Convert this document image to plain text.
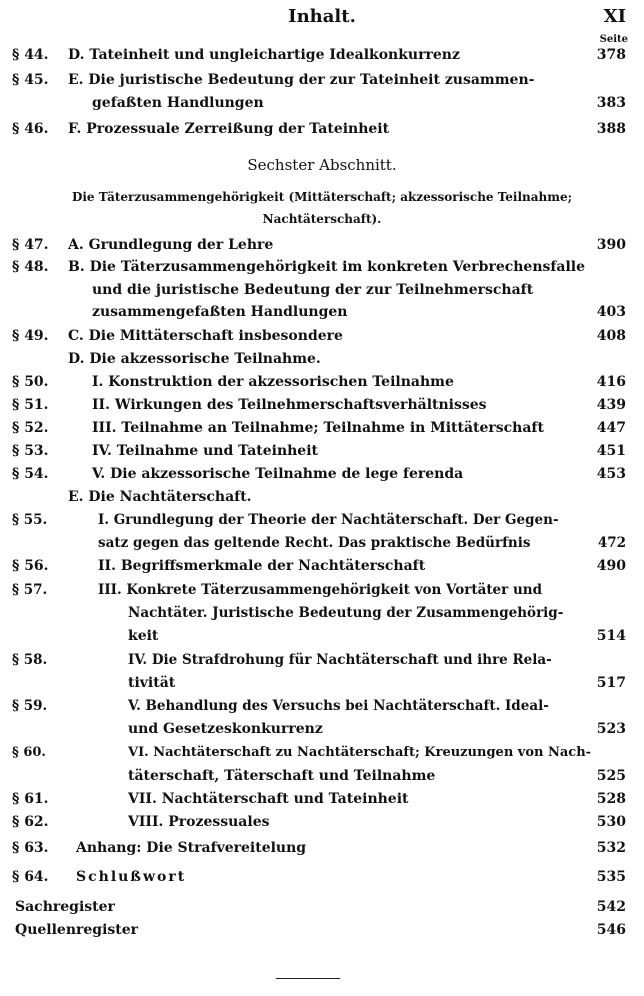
Inhalt.	XI
Seite
Sechster Abschnitt.
Die Täterzusammengehörigkeit (Mittäterschaft; akzessorische Teilnahme;
Nachtäterschaft).
§ 44. D. Tateinheit und ungleichartige Idealkonkurrenz	378
§ 45. E. Die juristische Bedeutung der zur Tateinheit zusammen-
gefaßten Handlungen	383
§ 46. F. Prozessuale Zerreißung der Tateinheit	388
§ 47. A. Grundlegung der Lehre	390
§ 48. B. Die Täterzusammengehörigkeit im konkreten Verbrechensfalle
und die juristische Bedeutung der zur Teilnehmerschaft
zusammengefaßten Handlungen	403
§ 49. C. Die Mittäterschaft insbesondere	408
D. Die akzessorische Teilnahme.
§ 50.	I. Konstruktion der akzessorischen Teilnahme	416
§ 51.	II. Wirkungen des Teilnehmerschaftsverhältnisses	439
§ 52.	III. Teilnahme an Teilnahme; Teilnahme in Mittäterschaft	447
§ 53.	IV. Teilnahme und Tateinheit	451
§ 54.	V. Die akzessorische Teilnahme de lege ferenda	453
E. Die Nachtäterschaft.
§ 55.	I. Grundlegung der Theorie der Nachtäterschaft. Der Gegen-
satz gegen das geltende Recht. Das praktische Bedürfnis	472
§ 56.	II. Begriffsmerkmale der Nachtäterschaft	490
§ 57.	III. Konkrete Täterzusammengehörigkeit von Vortäter und
Nachtäter. Juristische Bedeutung der Zusammengehörig-
keit	514
§ 58.	IV. Die Strafdrohung für Nachtäterschaft und ihre Rela-
tivität	517
§ 59.	V. Behandlung des Versuchs bei Nachtäterschaft. Ideal-
und Gesetzeskonkurrenz	523
§ 60.	VI. Nachtäterschaft zu Nachtäterschaft; Kreuzungen von Nach-
täterschaft, Täterschaft und Teilnahme	525
§ 61.	VII. Nachtäterschaft und Tateinheit	528
§ 62.	VIII. Prozessuales	530
§ 63. Anhang: Die Strafvereitelung	532
§ 64. Schlußwort	535
Sachregister	542
Quellenregister	546
